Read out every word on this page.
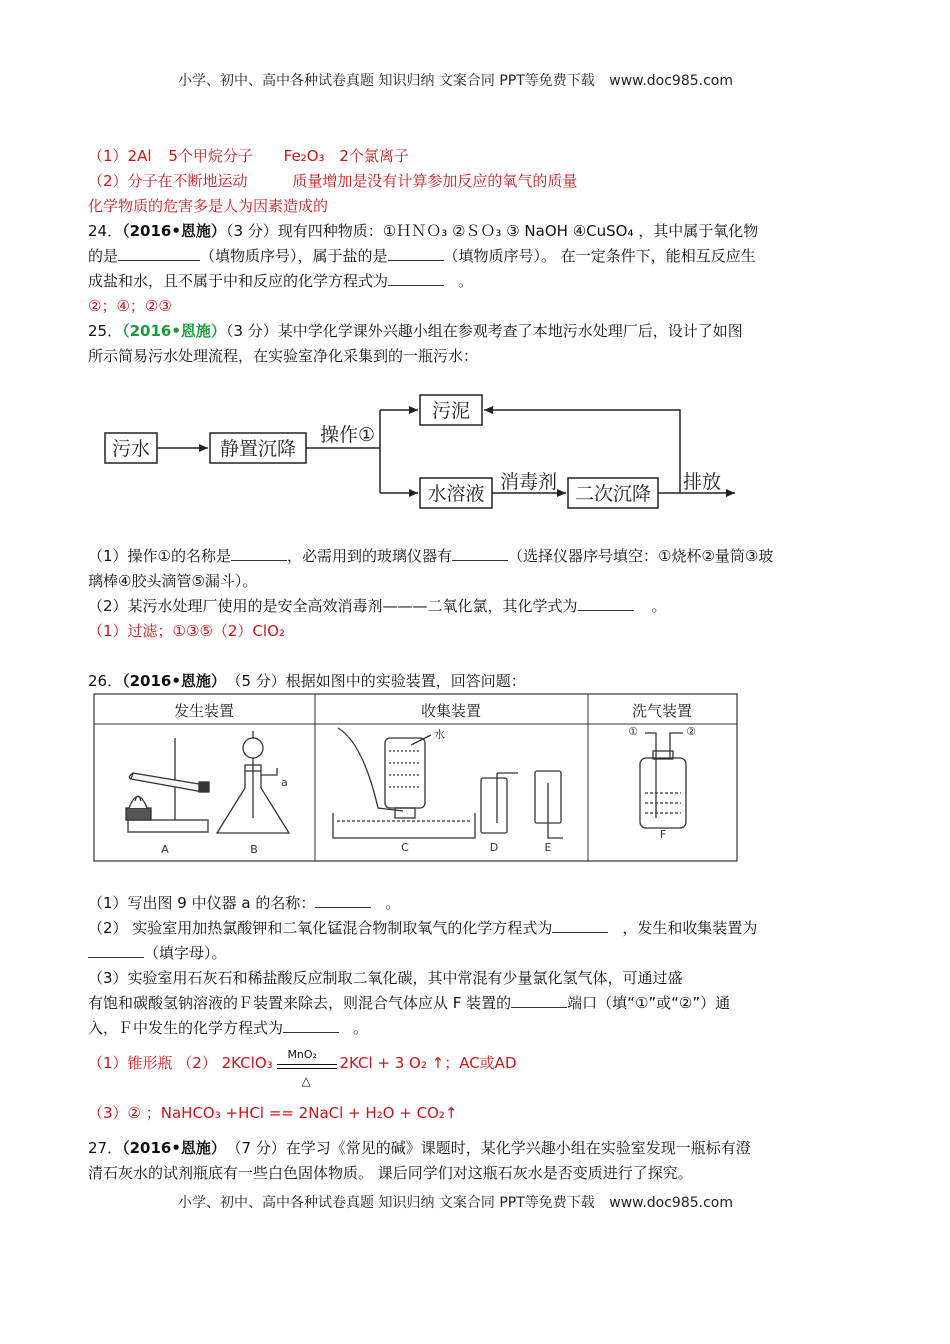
小学、初中、高中各种试卷真题 知识归纳 文案合同 PPT等免费下载 www.doc985.com
（1）2Al 5个甲烷分子 Fe₂O₃ 2个氯离子
（2）分子在不断地运动	质量增加是没有计算参加反应的氧气的质量
化学物质的危害多是人为因素造成的
24．（2016•恩施）（3 分）现有四种物质：①ＨＮＯ₃ ②ＳＯ₃ ③ NaOH ④CuSO₄ ，其中属于氧化物
的是	（填物质序号），属于盐的是	（填物质序号）。 在一定条件下，能相互反应生
成盐和水，且不属于中和反应的化学方程式为	。
②；④；②③
25．（2016•恩施）（3 分）某中学化学课外兴趣小组在参观考查了本地污水处理厂后，设计了如图
所示简易污水处理流程，在实验室净化采集到的一瓶污水：
污水	静置沉降
操作①
污泥
水溶液
消毒剂
二次沉降
排放
（1）操作①的名称是	，必需用到的玻璃仪器有	（选择仪器序号填空：①烧杯②量筒③玻
璃棒④胶头滴管⑤漏斗）。
（2）某污水处理厂使用的是安全高效消毒剂———二氧化氯，其化学式为	。
（1）过滤；①③⑤（2）ClO₂
26．（2016•恩施） （5 分）根据如图中的实验装置，回答问题：
发生装置	收集装置	洗气装置
A	B
a
C
水
D	E
F
①	②
（1）写出图 9 中仪器 a 的名称：	。
（2） 实验室用加热氯酸钾和二氧化锰混合物制取氧气的化学方程式为	，发生和收集装置为
（填字母）。
（3）实验室用石灰石和稀盐酸反应制取二氧化碳，其中常混有少量氯化氢气体，可通过盛
有饱和碳酸氢钠溶液的Ｆ装置来除去，则混合气体应从 F 装置的	端口（填“①”或“②”）通
入，Ｆ中发生的化学方程式为	。
（1）锥形瓶 （2） 2KClO₃ MnO₂
△
2KCl + 3 O₂ ↑；AC或AD
（3）② ；NaHCO₃ +HCl == 2NaCl + H₂O + CO₂↑
27．（2016•恩施） （7 分）在学习《常见的碱》课题时，某化学兴趣小组在实验室发现一瓶标有澄
清石灰水的试剂瓶底有一些白色固体物质。 课后同学们对这瓶石灰水是否变质进行了探究。
小学、初中、高中各种试卷真题 知识归纳 文案合同 PPT等免费下载 www.doc985.com
